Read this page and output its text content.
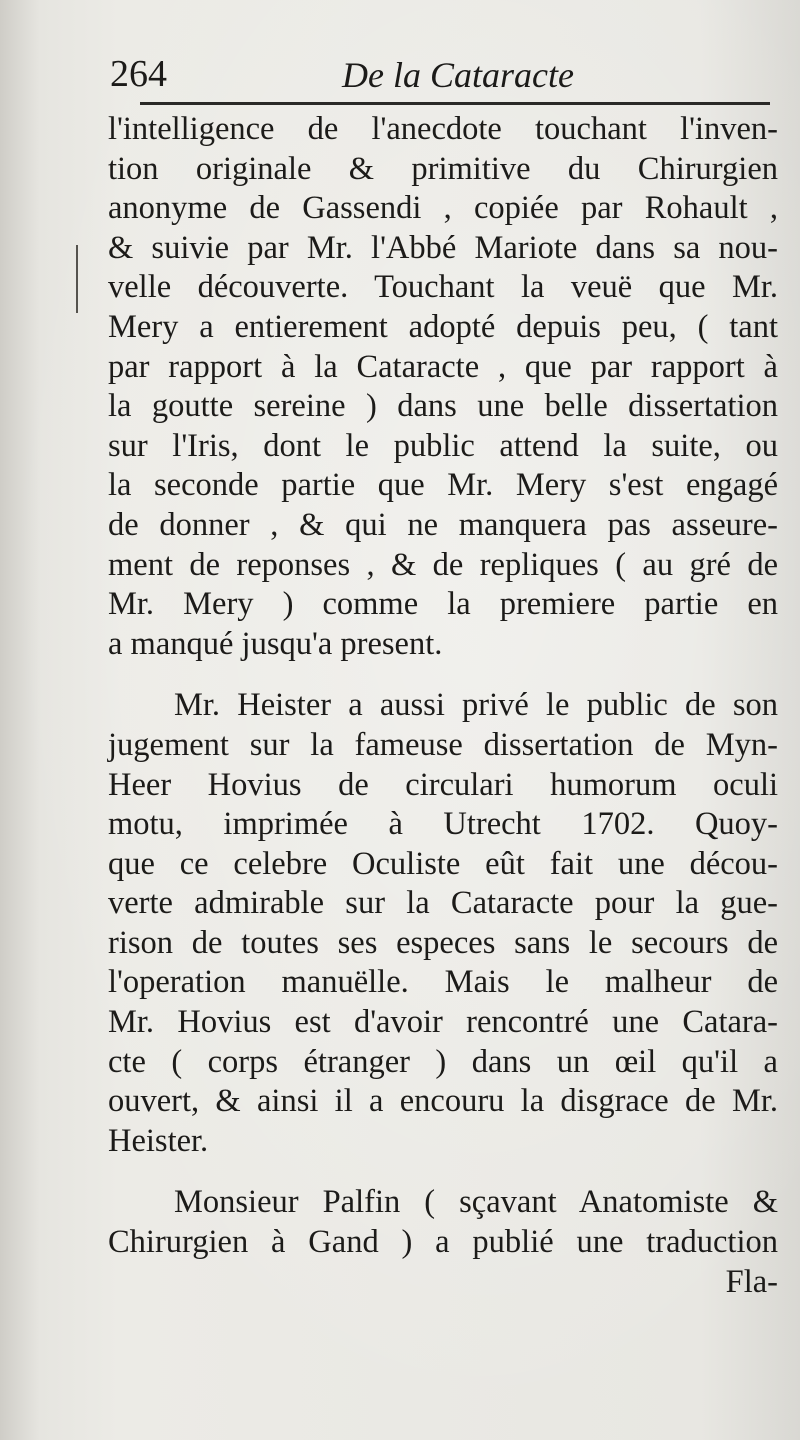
264	De la Cataracte
l'intelligence de l'anecdote touchant l'inven-
tion originale & primitive du Chirurgien
anonyme de Gassendi , copiée par Rohault ,
& suivie par Mr. l'Abbé Mariote dans sa nou-
velle découverte. Touchant la veuë que Mr.
Mery a entierement adopté depuis peu, ( tant
par rapport à la Cataracte , que par rapport à
la goutte sereine ) dans une belle dissertation
sur l'Iris, dont le public attend la suite, ou
la seconde partie que Mr. Mery s'est engagé
de donner , & qui ne manquera pas asseure-
ment de reponses , & de repliques ( au gré de
Mr. Mery ) comme la premiere partie en
a manqué jusqu'a present.
Mr. Heister a aussi privé le public de son
jugement sur la fameuse dissertation de Myn-
Heer Hovius de circulari humorum oculi
motu, imprimée à Utrecht 1702. Quoy-
que ce celebre Oculiste eût fait une décou-
verte admirable sur la Cataracte pour la gue-
rison de toutes ses especes sans le secours de
l'operation manuëlle. Mais le malheur de
Mr. Hovius est d'avoir rencontré une Catara-
cte ( corps étranger ) dans un œil qu'il a
ouvert, & ainsi il a encouru la disgrace de Mr.
Heister.
Monsieur Palfin ( sçavant Anatomiste &
Chirurgien à Gand ) a publié une traduction
Fla-
